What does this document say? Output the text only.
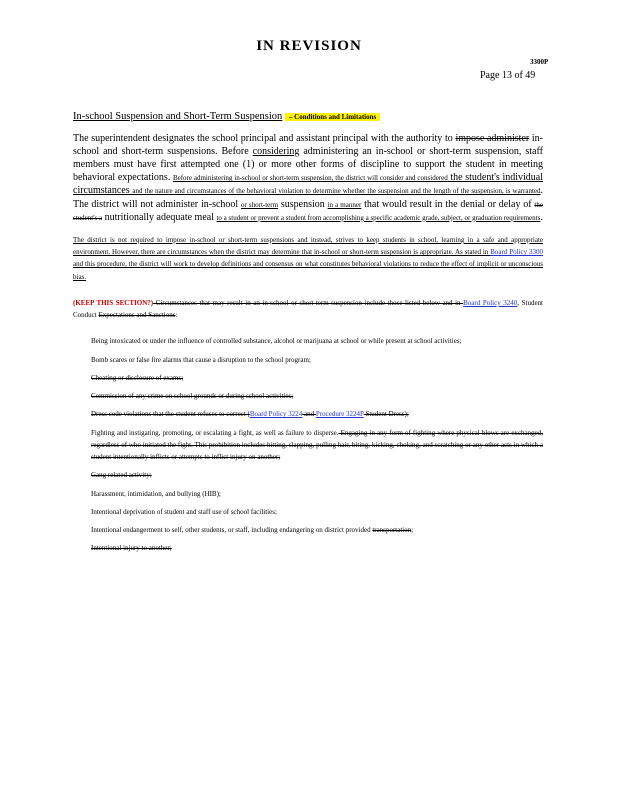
IN REVISION
3300P
Page 13 of 49

In-school Suspension and Short-Term Suspension – Conditions and Limitations

The superintendent designates the school principal and assistant principal with the authority to impose administer in-school and short-term suspensions. Before considering administering an in-school or short-term suspension, staff members must have first attempted one (1) or more other forms of discipline to support the student in meeting behavioral expectations. Before administering in-school or short-term suspension, the district will consider and considered the student's individual circumstances and the nature and circumstances of the behavioral violation to determine whether the suspension and the length of the suspension, is warranted. The district will not administer in-school or short-term suspension in a manner that would result in the denial or delay of the student's a nutritionally adequate meal to a student or prevent a student from accomplishing a specific academic grade, subject, or graduation requirements.

The district is not required to impose in-school or short-term suspensions and instead, strives to keep students in school, learning in a safe and appropriate environment. However, there are circumstances when the district may determine that in-school or short-term suspension is appropriate. As stated in Board Policy 3300 and this procedure, the district will work to develop definitions and consensus on what constitutes behavioral violations to reduce the effect of implicit or unconscious bias.

(KEEP THIS SECTION?) Circumstances that may result in an in-school or short-term suspension include those listed below and in Board Policy 3240, Student Conduct Expectations and Sanctions:

Being intoxicated or under the influence of controlled substance, alcohol or marijuana at school or while present at school activities;
Bomb scares or false fire alarms that cause a disruption to the school program;
Cheating or disclosure of exams;
Commission of any crime on school grounds or during school activities;
Dress code violations that the student refuses to correct (Board Policy 3224 and Procedure 3224P Student Dress);
Fighting and instigating, promoting, or escalating a fight, as well as failure to disperse. Engaging in any form of fighting where physical blows are exchanged, regardless of who initiated the fight. This prohibition includes hitting, slapping, pulling hair, biting, kicking, choking, and scratching or any other acts in which a student intentionally inflicts or attempts to inflict injury on another;
Gang related activity;
Harassment, intimidation, and bullying (HIB);
Intentional deprivation of student and staff use of school facilities;
Intentional endangerment to self, other students, or staff, including endangering on district provided transportation;
Intentional injury to another;
